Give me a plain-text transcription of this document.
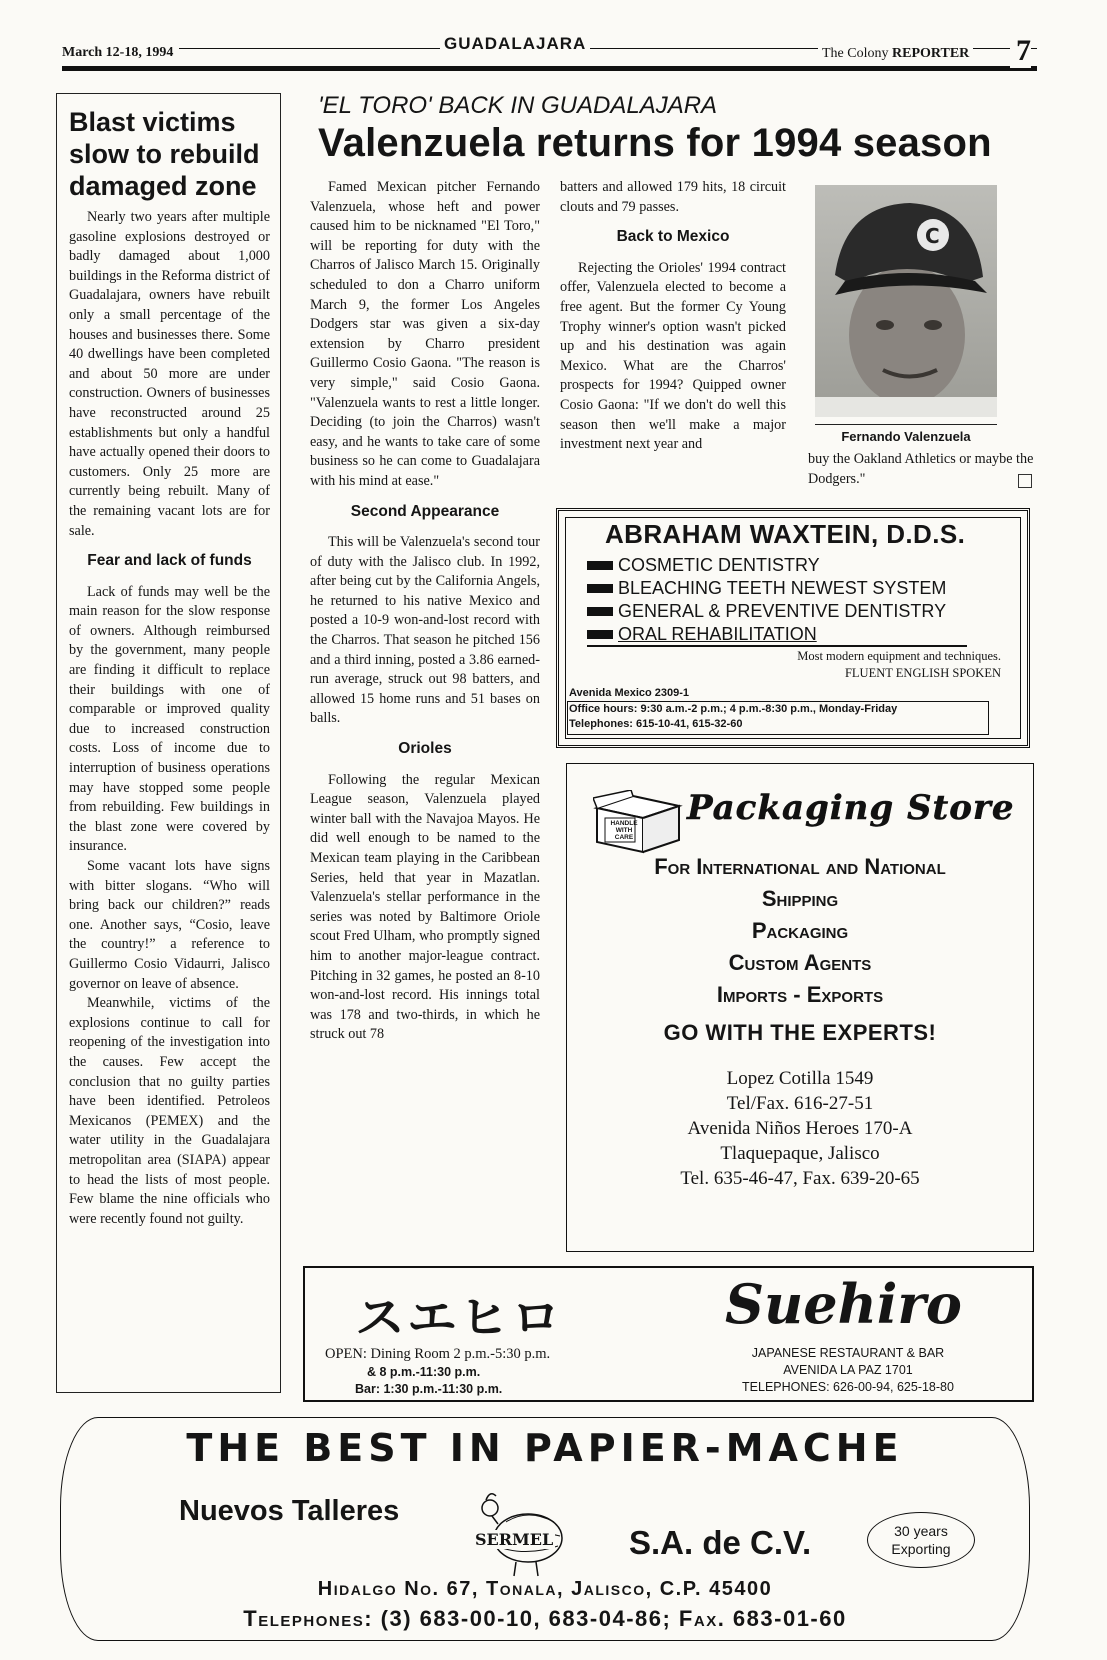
March 12-18, 1994	GUADALAJARA
The Colony REPORTER 7
Blast victims
slow to rebuild
damaged zone

Nearly two years after multiple gasoline explosions destroyed or badly damaged about 1,000 buildings in the Reforma district of Guadalajara, owners have rebuilt only a small percentage of the houses and businesses there. Some 40 dwellings have been completed and about 50 more are under construction. Owners of businesses have reconstructed around 25 establishments but only a handful have actually opened their doors to customers. Only 25 more are currently being rebuilt. Many of the remaining vacant lots are for sale.

Fear and lack of funds

Lack of funds may well be the main reason for the slow response of owners. Although reimbursed by the government, many people are finding it difficult to replace their buildings with one of comparable or improved quality due to increased construction costs. Loss of income due to interruption of business operations may have stopped some people from rebuilding. Few buildings in the blast zone were covered by insurance.

Some vacant lots have signs with bitter slogans. “Who will bring back our children?” reads one. Another says, “Cosio, leave the country!” a reference to Guillermo Cosio Vidaurri, Jalisco governor on leave of absence.

Meanwhile, victims of the explosions continue to call for reopening of the investigation into the causes. Few accept the conclusion that no guilty parties have been identified. Petroleos Mexicanos (PEMEX) and the water utility in the Guadalajara metropolitan area (SIAPA) appear to head the lists of most people. Few blame the nine officials who were recently found not guilty.

'EL TORO' BACK IN GUADALAJARA
Valenzuela returns for 1994 season

Famed Mexican pitcher Fernando Valenzuela, whose heft and power caused him to be nicknamed "El Toro," will be reporting for duty with the Charros of Jalisco March 15. Originally scheduled to don a Charro uniform March 9, the former Los Angeles Dodgers star was given a six-day extension by Charro president Guillermo Cosio Gaona. "The reason is very simple," said Cosio Gaona. "Valenzuela wants to rest a little longer. Deciding (to join the Charros) wasn't easy, and he wants to take care of some business so he can come to Guadalajara with his mind at ease."

Second Appearance

This will be Valenzuela's second tour of duty with the Jalisco club. In 1992, after being cut by the California Angels, he returned to his native Mexico and posted a 10-9 won-and-lost record with the Charros. That season he pitched 156 and a third inning, posted a 3.86 earned-run average, struck out 98 batters, and allowed 15 home runs and 51 bases on balls.

Orioles

Following the regular Mexican League season, Valenzuela played winter ball with the Navajoa Mayos. He did well enough to be named to the Mexican team playing in the Caribbean Series, held that year in Mazatlan. Valenzuela's stellar performance in the series was noted by Baltimore Oriole scout Fred Ulham, who promptly signed him to another major-league contract. Pitching in 32 games, he posted an 8-10 won-and-lost record. His innings total was 178 and two-thirds, in which he struck out 78

batters and allowed 179 hits, 18 circuit clouts and 79 passes.

Back to Mexico

Rejecting the Orioles' 1994 contract offer, Valenzuela elected to become a free agent. But the former Cy Young Trophy winner's option wasn't picked up and his destination was again Mexico. What are the Charros' prospects for 1994? Quipped owner Cosio Gaona: "If we don't do well this season then we'll make a major investment next year and

C
Fernando Valenzuela

buy the Oakland Athletics or maybe the Dodgers."

ABRAHAM WAXTEIN, D.D.S.
COSMETIC DENTISTRY
BLEACHING TEETH NEWEST SYSTEM
GENERAL & PREVENTIVE DENTISTRY
ORAL REHABILITATION
Most modern equipment and techniques.
FLUENT ENGLISH SPOKEN
Avenida Mexico 2309-1
Office hours: 9:30 a.m.-2 p.m.; 4 p.m.-8:30 p.m., Monday-Friday
Telephones: 615-10-41, 615-32-60
HANDLE WITH CARE
Packaging Store
For International and National
Shipping
Packaging
Custom Agents
Imports - Exports
GO WITH THE EXPERTS!
Lopez Cotilla 1549
Tel/Fax. 616-27-51
Avenida Niños Heroes 170-A
Tlaquepaque, Jalisco
Tel. 635-46-47, Fax. 639-20-65
スエヒロ	Suehiro
OPEN: Dining Room 2 p.m.-5:30 p.m.
& 8 p.m.-11:30 p.m.
Bar: 1:30 p.m.-11:30 p.m.
JAPANESE RESTAURANT & BAR
AVENIDA LA PAZ 1701
TELEPHONES: 626-00-94, 625-18-80
THE BEST IN PAPIER-MACHE
Nuevos Talleres
SERMEL S.A. de C.V.	30 years
Exporting
Hidalgo No. 67, Tonala, Jalisco, C.P. 45400
Telephones: (3) 683-00-10, 683-04-86; Fax. 683-01-60
